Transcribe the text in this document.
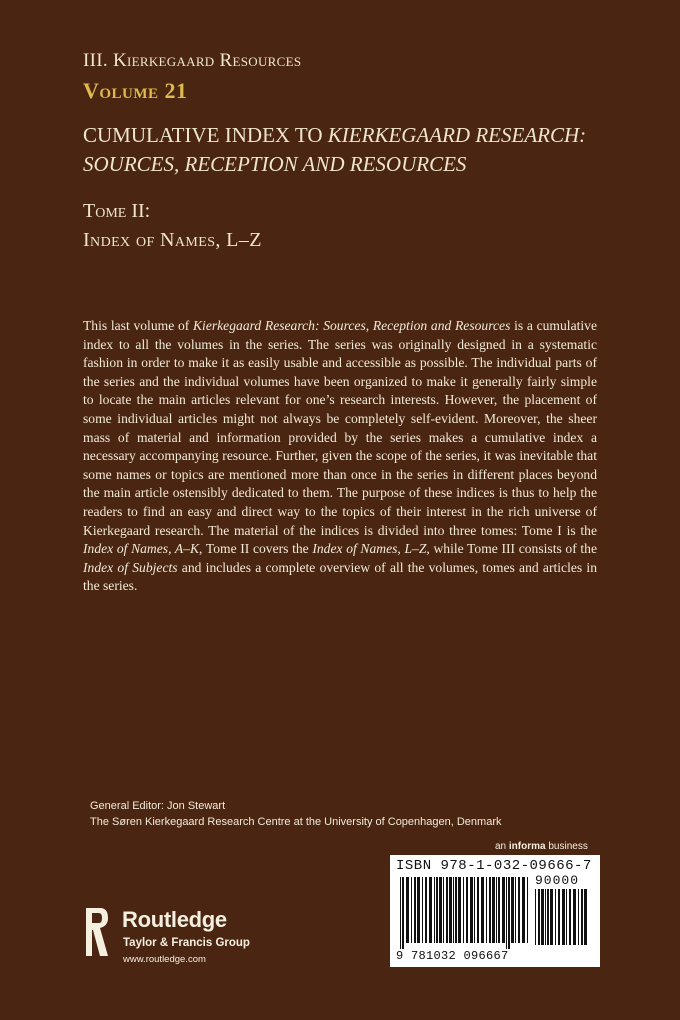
III. Kierkegaard Resources
Volume 21
CUMULATIVE INDEX TO KIERKEGAARD RESEARCH:
SOURCES, RECEPTION AND RESOURCES
Tome II:
Index of Names, L–Z
This last volume of Kierkegaard Research: Sources, Reception and Resources is a cumulative index to all the volumes in the series. The series was originally designed in a systematic fashion in order to make it as easily usable and accessible as possible. The individual parts of the series and the individual volumes have been organized to make it generally fairly simple to locate the main articles relevant for one’s research interests. However, the placement of some individual articles might not always be completely self-evident. Moreover, the sheer mass of material and information provided by the series makes a cumulative index a necessary accompanying resource. Further, given the scope of the series, it was inevitable that some names or topics are mentioned more than once in the series in different places beyond the main article ostensibly dedicated to them. The purpose of these indices is thus to help the readers to find an easy and direct way to the topics of their interest in the rich universe of Kierkegaard research. The material of the indices is divided into three tomes: Tome I is the Index of Names, A–K, Tome II covers the Index of Names, L–Z, while Tome III consists of the Index of Subjects and includes a complete overview of all the volumes, tomes and articles in the series.
General Editor: Jon Stewart
The Søren Kierkegaard Research Centre at the University of Copenhagen, Denmark
an informa business
ISBN 978-1-032-09666-7
90000
9 781032 096667
Routledge
Taylor & Francis Group
www.routledge.com
